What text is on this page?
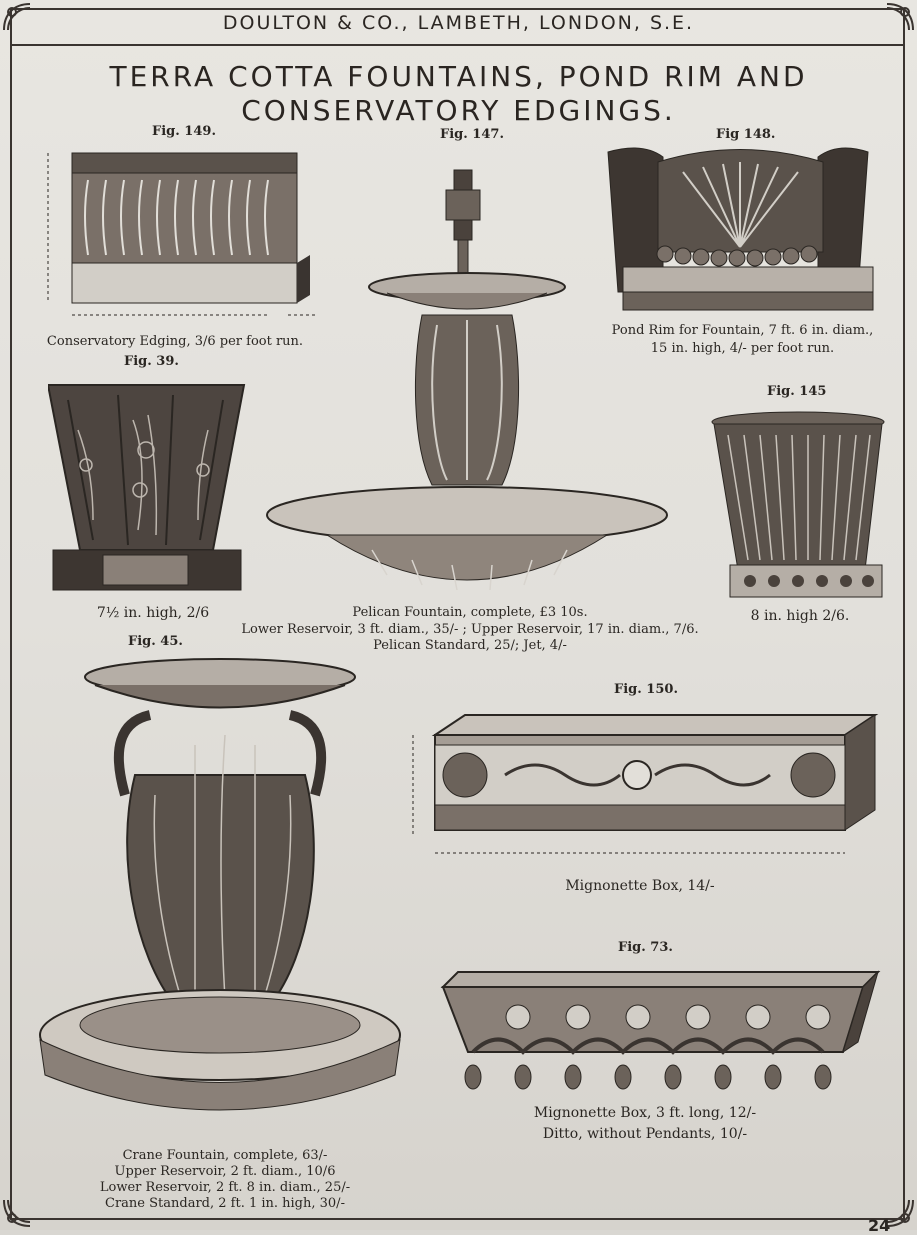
DOULTON & CO., LAMBETH, LONDON, S.E.
TERRA COTTA FOUNTAINS, POND RIM AND
CONSERVATORY EDGINGS.
Fig. 149.
Conservatory Edging, 3/6 per foot run.
Fig. 147.
Pelican Fountain, complete, £3 10s.
Lower Reservoir, 3 ft. diam., 35/- ; Upper Reservoir, 17 in. diam., 7/6.
Pelican Standard, 25/; Jet, 4/-
Fig 148.
Pond Rim for Fountain, 7 ft. 6 in. diam.,
15 in. high, 4/- per foot run.
Fig. 39.
7½ in. high, 2/6
Fig. 145
8 in. high 2/6.
Fig. 45.
Crane Fountain, complete, 63/-
Upper Reservoir, 2 ft. diam., 10/6
Lower Reservoir, 2 ft. 8 in. diam., 25/-
Crane Standard, 2 ft. 1 in. high, 30/-
Fig. 150.
Mignonette Box, 14/-
Fig. 73.
Mignonette Box, 3 ft. long, 12/-
Ditto, without Pendants, 10/-
24
